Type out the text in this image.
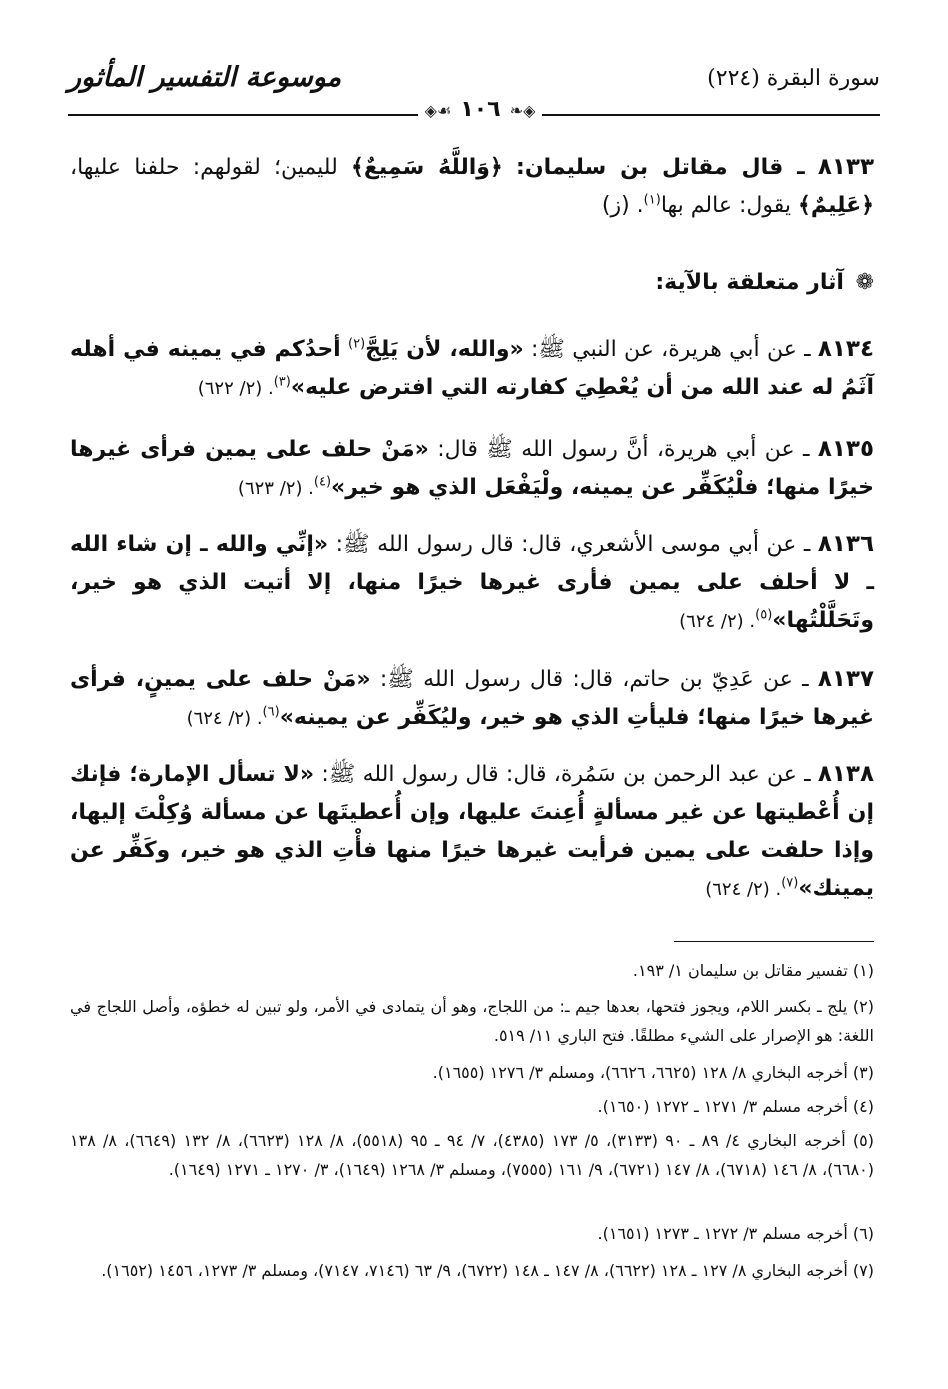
سورة البقرة (٢٢٤)
موسوعة التفسير المأثور
◈❧ ١٠٦ ☙◈

٨١٣٣ ـ قال مقاتل بن سليمان: ﴿وَاللَّهُ سَمِيعٌ﴾ لليمين؛ لقولهم: حلفنا عليها، ﴿عَلِيمٌ﴾ يقول: عالم بها$^{(١)}$. (ز)

❁ آثار متعلقة بالآية:

٨١٣٤ ـ عن أبي هريرة، عن النبي ﷺ: «والله، لأن يَلِجَّ$^{(٢)}$ أحدُكم في يمينه في أهله آثَمُ له عند الله من أن يُعْطِيَ كفارته التي افترض عليه»$^{(٣)}$. (٢/ ٦٢٢)

٨١٣٥ ـ عن أبي هريرة، أنَّ رسول الله ﷺ قال: «مَنْ حلف على يمين فرأى غيرها خيرًا منها؛ فلْيُكَفِّر عن يمينه، ولْيَفْعَل الذي هو خير»$^{(٤)}$. (٢/ ٦٢٣)

٨١٣٦ ـ عن أبي موسى الأشعري، قال: قال رسول الله ﷺ: «إنِّي والله ـ إن شاء الله ـ لا أحلف على يمين فأرى غيرها خيرًا منها، إلا أتيت الذي هو خير، وتَحَلَّلْتُها»$^{(٥)}$. (٢/ ٦٢٤)

٨١٣٧ ـ عن عَدِيّ بن حاتم، قال: قال رسول الله ﷺ: «مَنْ حلف على يمينٍ، فرأى غيرها خيرًا منها؛ فليأتِ الذي هو خير، وليُكَفِّر عن يمينه»$^{(٦)}$. (٢/ ٦٢٤)

٨١٣٨ ـ عن عبد الرحمن بن سَمُرة، قال: قال رسول الله ﷺ: «لا تسأل الإمارة؛ فإنك إن أُعْطيتها عن غير مسألةٍ أُعِنتَ عليها، وإن أُعطيتَها عن مسألة وُكِلْتَ إليها، وإذا حلفت على يمين فرأيت غيرها خيرًا منها فأْتِ الذي هو خير، وكَفِّر عن يمينك»$^{(٧)}$. (٢/ ٦٢٤)

(١) تفسير مقاتل بن سليمان ١/ ١٩٣.

(٢) يلج ـ بكسر اللام، ويجوز فتحها، بعدها جيم ـ: من اللجاج، وهو أن يتمادى في الأمر، ولو تبين له خطؤه، وأصل اللجاج في اللغة: هو الإصرار على الشيء مطلقًا. فتح الباري ١١/ ٥١٩.

(٣) أخرجه البخاري ٨/ ١٢٨ (٦٦٢٥، ٦٦٢٦)، ومسلم ٣/ ١٢٧٦ (١٦٥٥).

(٤) أخرجه مسلم ٣/ ١٢٧١ ـ ١٢٧٢ (١٦٥٠).

(٥) أخرجه البخاري ٤/ ٨٩ ـ ٩٠ (٣١٣٣)، ٥/ ١٧٣ (٤٣٨٥)، ٧/ ٩٤ ـ ٩٥ (٥٥١٨)، ٨/ ١٢٨ (٦٦٢٣)، ٨/ ١٣٢ (٦٦٤٩)، ٨/ ١٣٨ (٦٦٨٠)، ٨/ ١٤٦ (٦٧١٨)، ٨/ ١٤٧ (٦٧٢١)، ٩/ ١٦١ (٧٥٥٥)، ومسلم ٣/ ١٢٦٨ (١٦٤٩)، ٣/ ١٢٧٠ ـ ١٢٧١ (١٦٤٩).

(٦) أخرجه مسلم ٣/ ١٢٧٢ ـ ١٢٧٣ (١٦٥١).

(٧) أخرجه البخاري ٨/ ١٢٧ ـ ١٢٨ (٦٦٢٢)، ٨/ ١٤٧ ـ ١٤٨ (٦٧٢٢)، ٩/ ٦٣ (٧١٤٦، ٧١٤٧)، ومسلم ٣/ ١٢٧٣، ١٤٥٦ (١٦٥٢).
